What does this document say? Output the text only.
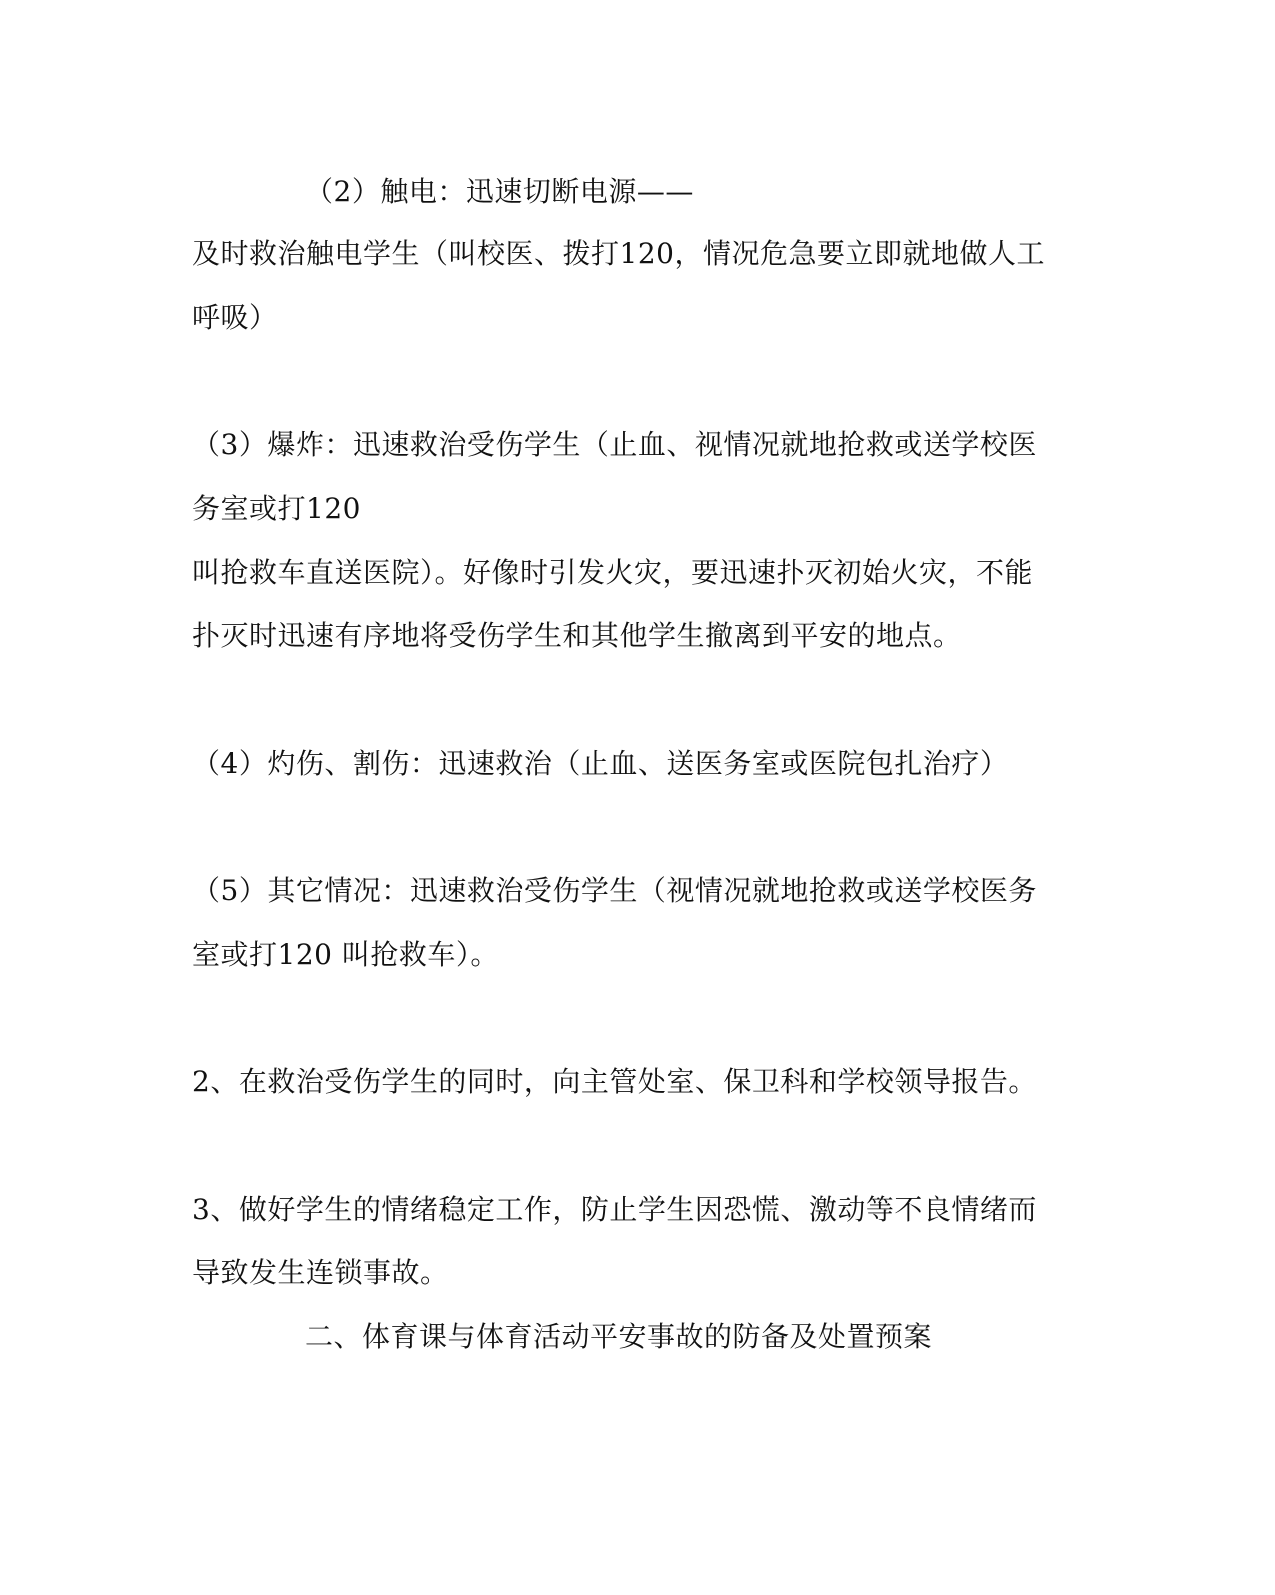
（2）触电：迅速切断电源——
及时救治触电学生（叫校医、拨打120，情况危急要立即就地做人工
呼吸）
（3）爆炸：迅速救治受伤学生（止血、视情况就地抢救或送学校医
务室或打120
叫抢救车直送医院）。好像时引发火灾，要迅速扑灭初始火灾，不能
扑灭时迅速有序地将受伤学生和其他学生撤离到平安的地点。
（4）灼伤、割伤：迅速救治（止血、送医务室或医院包扎治疗）
（5）其它情况：迅速救治受伤学生（视情况就地抢救或送学校医务
室或打120 叫抢救车）。
2、在救治受伤学生的同时，向主管处室、保卫科和学校领导报告。
3、做好学生的情绪稳定工作，防止学生因恐慌、激动等不良情绪而
导致发生连锁事故。
二、体育课与体育活动平安事故的防备及处置预案
